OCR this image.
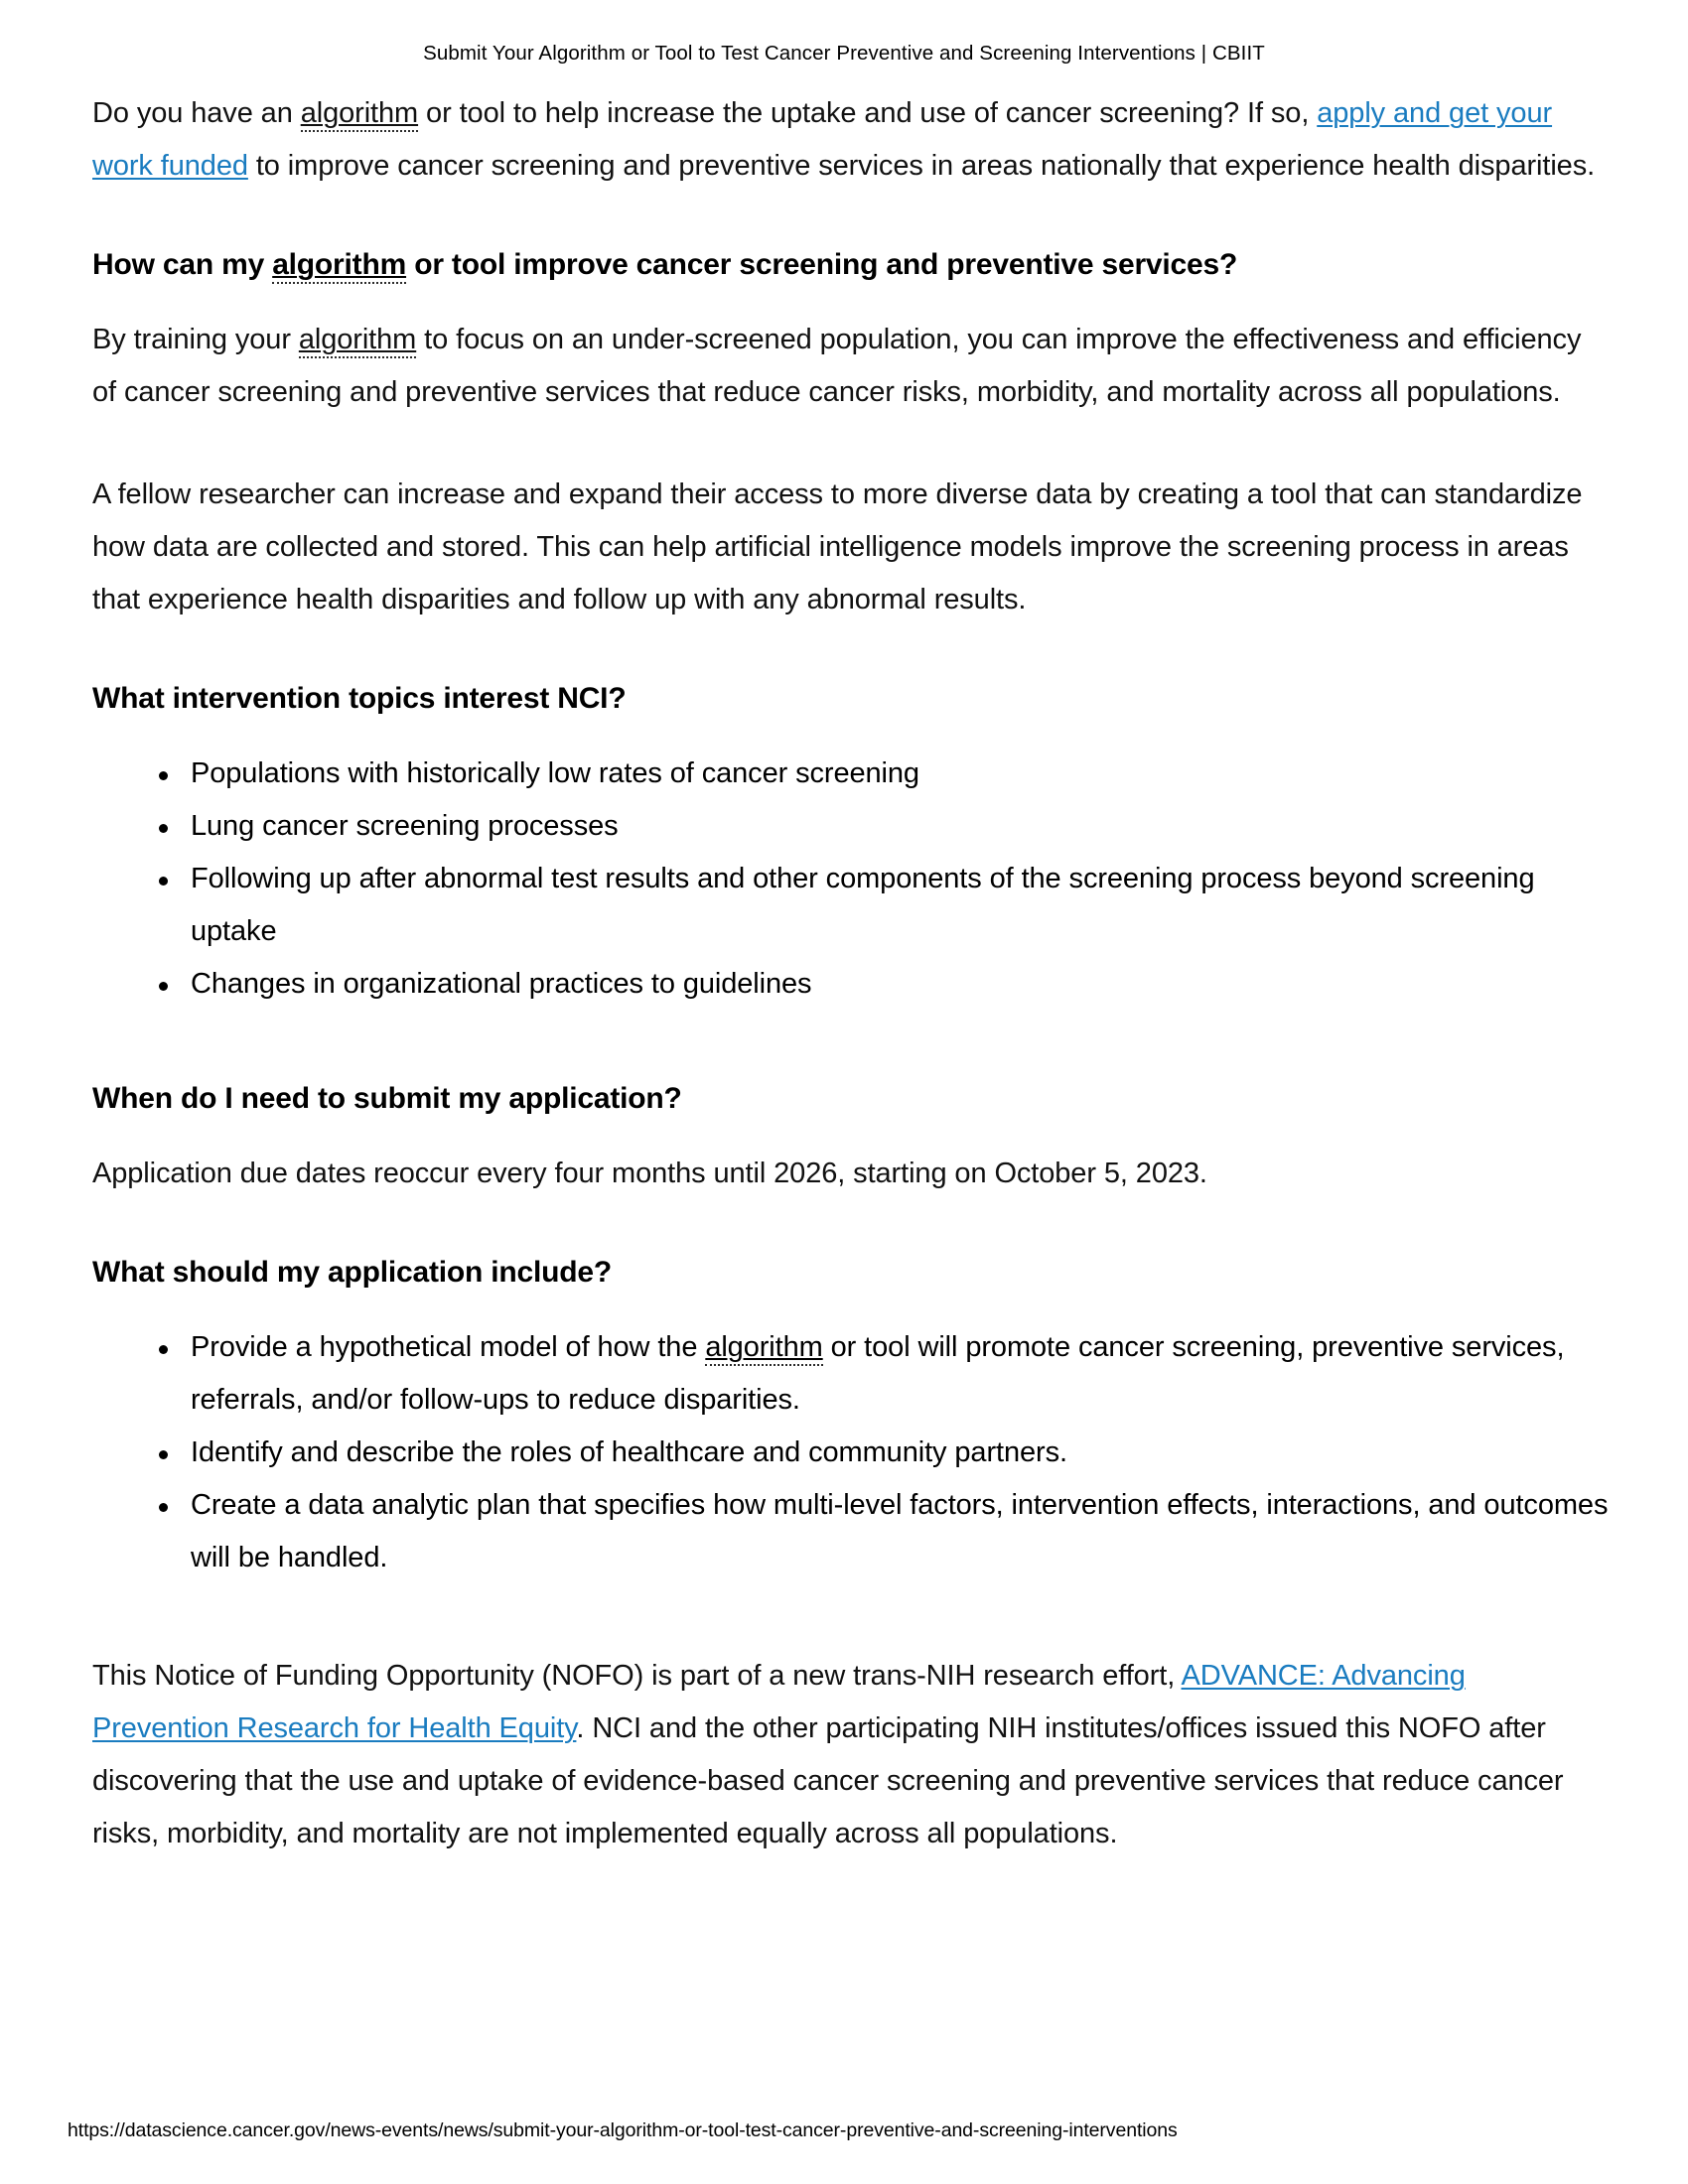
Submit Your Algorithm or Tool to Test Cancer Preventive and Screening Interventions | CBIIT

Do you have an algorithm or tool to help increase the uptake and use of cancer screening? If so, apply and get your work funded to improve cancer screening and preventive services in areas nationally that experience health disparities.

How can my algorithm or tool improve cancer screening and preventive services?

By training your algorithm to focus on an under-screened population, you can improve the effectiveness and efficiency of cancer screening and preventive services that reduce cancer risks, morbidity, and mortality across all populations.

A fellow researcher can increase and expand their access to more diverse data by creating a tool that can standardize how data are collected and stored. This can help artificial intelligence models improve the screening process in areas that experience health disparities and follow up with any abnormal results.

What intervention topics interest NCI?
Populations with historically low rates of cancer screening
Lung cancer screening processes
Following up after abnormal test results and other components of the screening process beyond screening uptake
Changes in organizational practices to guidelines
When do I need to submit my application?

Application due dates reoccur every four months until 2026, starting on October 5, 2023.

What should my application include?
Provide a hypothetical model of how the algorithm or tool will promote cancer screening, preventive services, referrals, and/or follow-ups to reduce disparities.
Identify and describe the roles of healthcare and community partners.
Create a data analytic plan that specifies how multi-level factors, intervention effects, interactions, and outcomes will be handled.

This Notice of Funding Opportunity (NOFO) is part of a new trans-NIH research effort, ADVANCE: Advancing Prevention Research for Health Equity. NCI and the other participating NIH institutes/offices issued this NOFO after discovering that the use and uptake of evidence-based cancer screening and preventive services that reduce cancer risks, morbidity, and mortality are not implemented equally across all populations.

https://datascience.cancer.gov/news-events/news/submit-your-algorithm-or-tool-test-cancer-preventive-and-screening-interventions
